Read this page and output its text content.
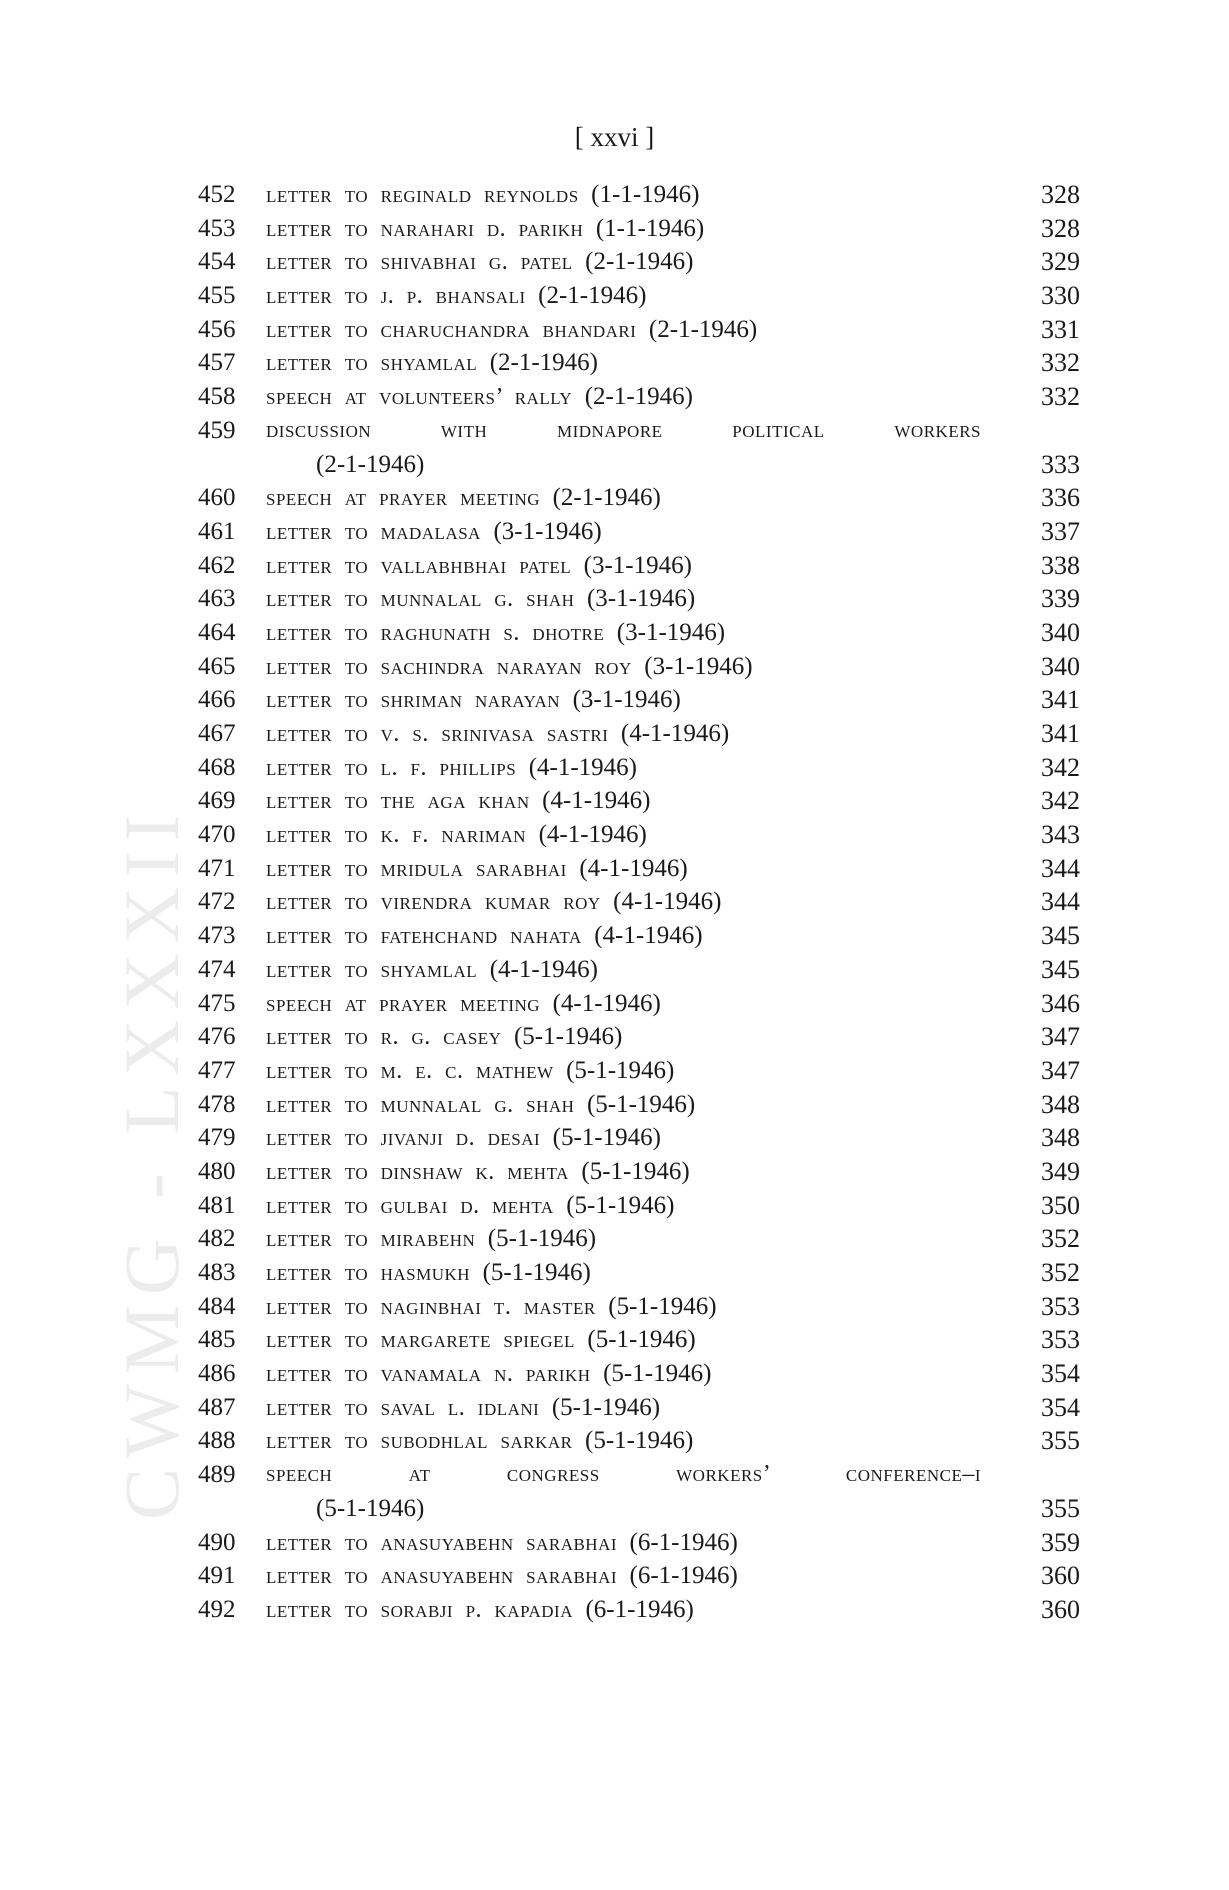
CWMG - LXXXII
[ xxvi ]
452	letter to reginald reynolds (1-1-1946)	328
453	letter to narahari d. parikh (1-1-1946)	328
454	letter to shivabhai g. patel (2-1-1946)	329
455	letter to j. p. bhansali (2-1-1946)	330
456	letter to charuchandra bhandari (2-1-1946)	331
457	letter to shyamlal (2-1-1946)	332
458	speech at volunteers’ rally (2-1-1946)	332
459	discussion with midnapore political workers
(2-1-1946)	333
460	speech at prayer meeting (2-1-1946)	336
461	letter to madalasa (3-1-1946)	337
462	letter to vallabhbhai patel (3-1-1946)	338
463	letter to munnalal g. shah (3-1-1946)	339
464	letter to raghunath s. dhotre (3-1-1946)	340
465	letter to sachindra narayan roy (3-1-1946)	340
466	letter to shriman narayan (3-1-1946)	341
467	letter to v. s. srinivasa sastri (4-1-1946)	341
468	letter to l. f. phillips (4-1-1946)	342
469	letter to the aga khan (4-1-1946)	342
470	letter to k. f. nariman (4-1-1946)	343
471	letter to mridula sarabhai (4-1-1946)	344
472	letter to virendra kumar roy (4-1-1946)	344
473	letter to fatehchand nahata (4-1-1946)	345
474	letter to shyamlal (4-1-1946)	345
475	speech at prayer meeting (4-1-1946)	346
476	letter to r. g. casey (5-1-1946)	347
477	letter to m. e. c. mathew (5-1-1946)	347
478	letter to munnalal g. shah (5-1-1946)	348
479	letter to jivanji d. desai (5-1-1946)	348
480	letter to dinshaw k. mehta (5-1-1946)	349
481	letter to gulbai d. mehta (5-1-1946)	350
482	letter to mirabehn (5-1-1946)	352
483	letter to hasmukh (5-1-1946)	352
484	letter to naginbhai t. master (5-1-1946)	353
485	letter to margarete spiegel (5-1-1946)	353
486	letter to vanamala n. parikh (5-1-1946)	354
487	letter to saval l. idlani (5-1-1946)	354
488	letter to subodhlal sarkar (5-1-1946)	355
489	speech at congress workers’ conference–i
(5-1-1946)	355
490	letter to anasuyabehn sarabhai (6-1-1946)	359
491	letter to anasuyabehn sarabhai (6-1-1946)	360
492	letter to sorabji p. kapadia (6-1-1946)	360
